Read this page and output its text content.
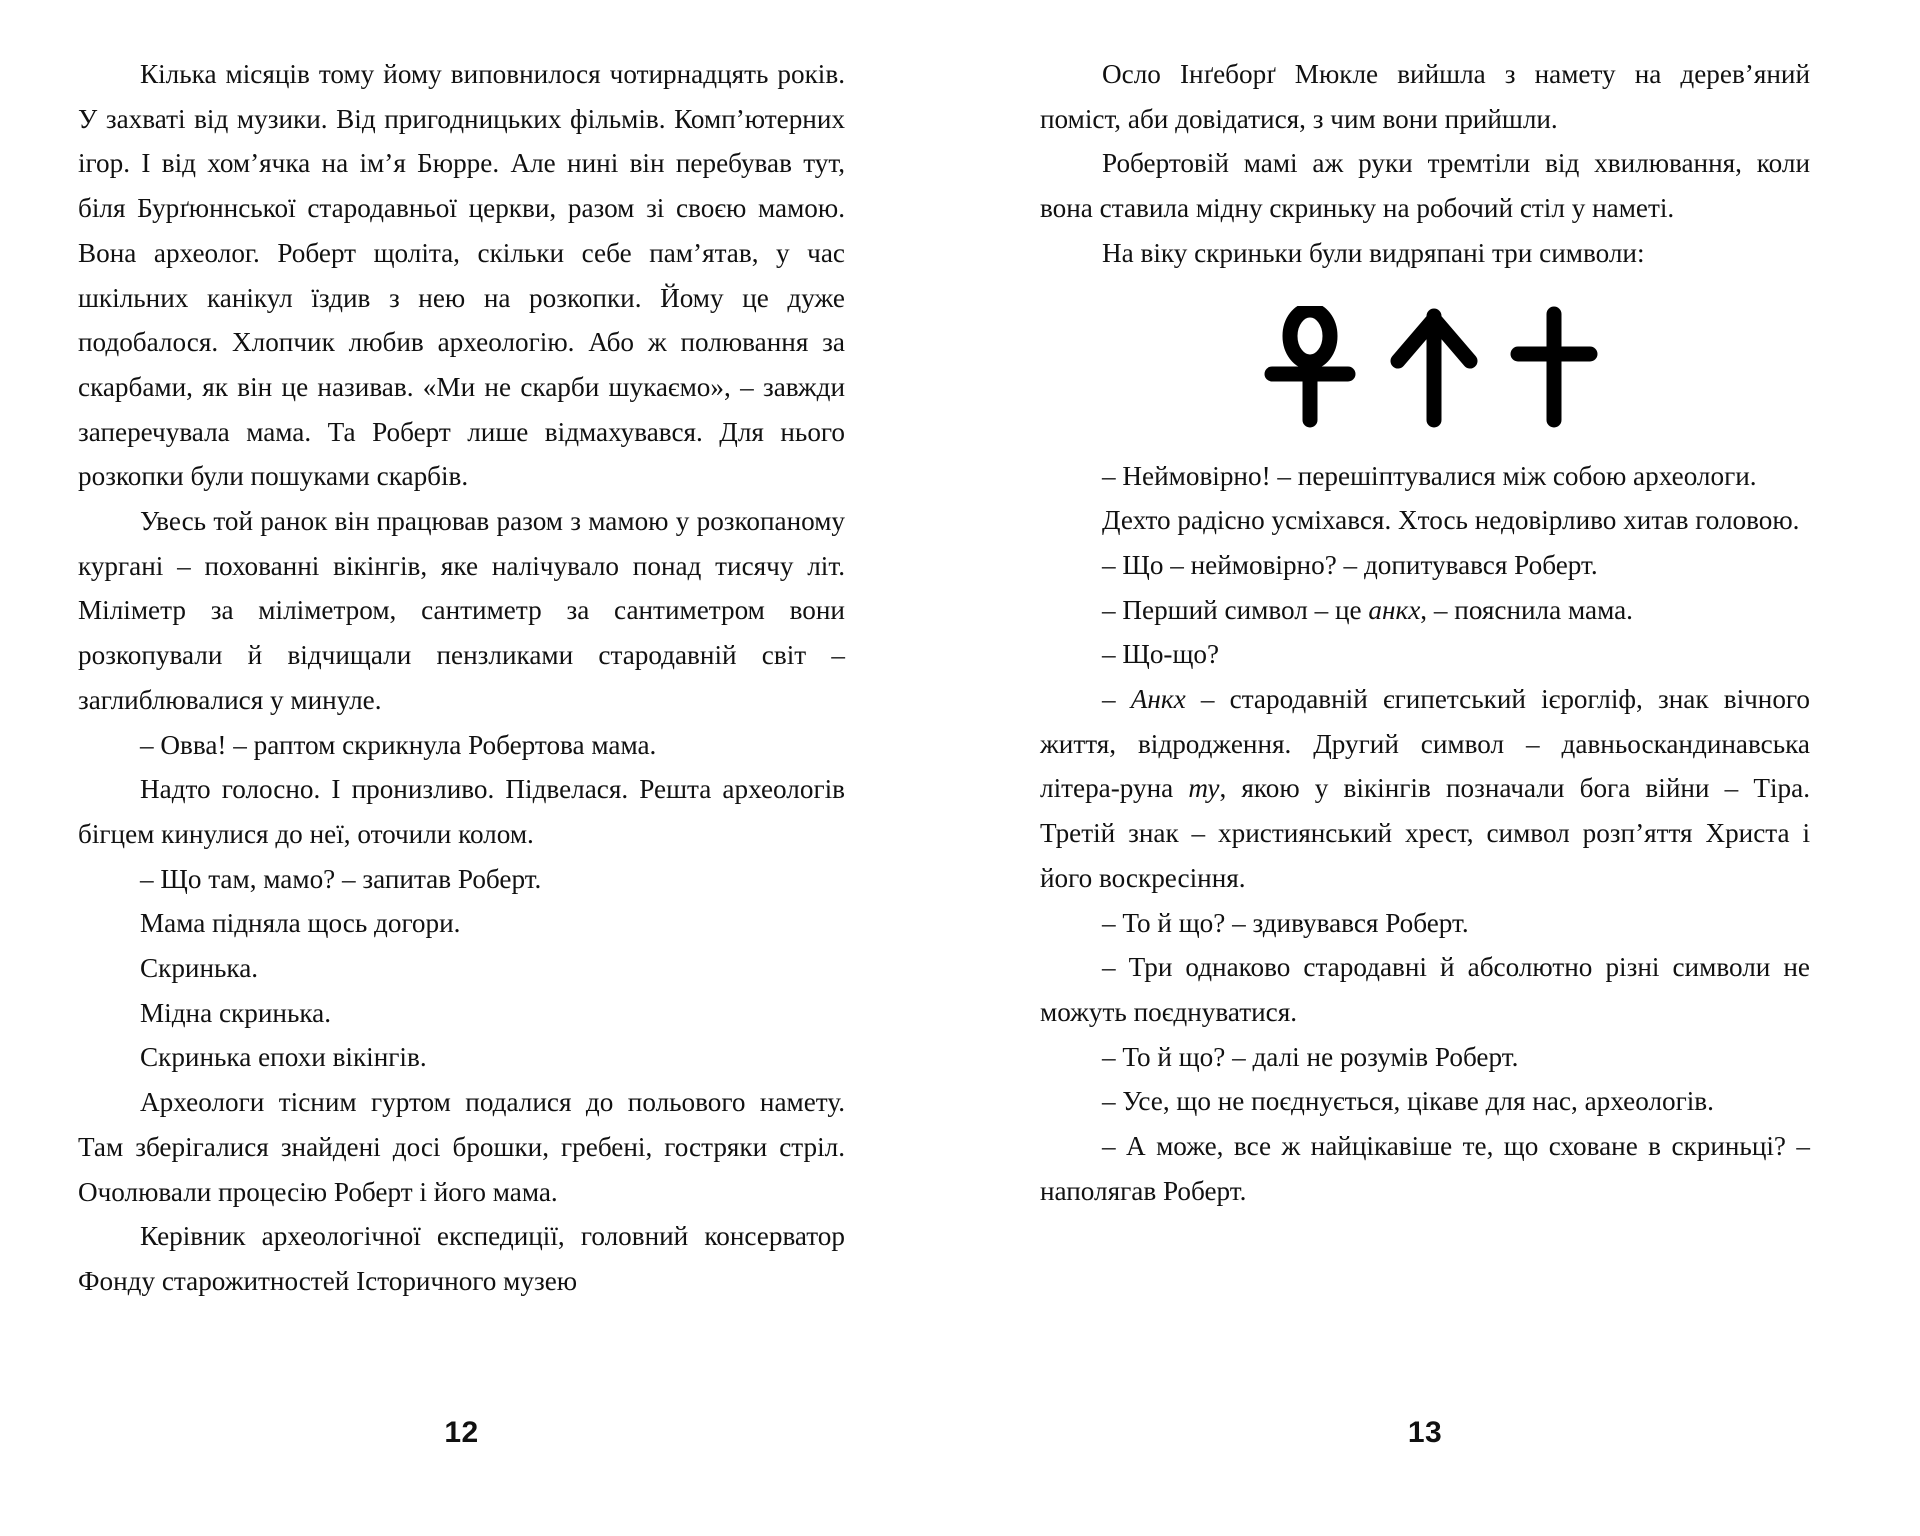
Кілька місяців тому йому виповнилося чотирнадцять років. У захваті від музики. Від пригодницьких фільмів. Комп’ютерних ігор. І від хом’ячка на ім’я Бюрре. Але нині він перебував тут, біля Бурґюннської стародавньої церкви, разом зі своєю мамою. Вона археолог. Роберт щоліта, скільки себе пам’ятав, у час шкільних канікул їздив з нею на розкопки. Йому це дуже подобалося. Хлопчик любив археологію. Або ж полювання за скарбами, як він це називав. «Ми не скарби шукаємо», – завжди заперечувала мама. Та Роберт лише відмахувався. Для нього розкопки були пошуками скарбів.

Увесь той ранок він працював разом з мамою у розкопаному кургані – похованні вікінгів, яке налічувало понад тисячу літ. Міліметр за міліметром, сантиметр за сантиметром вони розкопували й відчищали пензликами стародавній світ – заглиблювалися у минуле.

– Овва! – раптом скрикнула Робертова мама.

Надто голосно. І пронизливо. Підвелася. Решта археологів бігцем кинулися до неї, оточили колом.

– Що там, мамо? – запитав Роберт.

Мама підняла щось догори.

Скринька.

Мідна скринька.

Скринька епохи вікінгів.

Археологи тісним гуртом подалися до польового намету. Там зберігалися знайдені досі брошки, гребені, гостряки стріл. Очолювали процесію Роберт і його мама.

Керівник археологічної експедиції, головний консерватор Фонду старожитностей Історичного музею

12

Осло Інґеборґ Мюкле вийшла з намету на дерев’яний поміст, аби довідатися, з чим вони прийшли.

Робертовій мамі аж руки тремтіли від хвилювання, коли вона ставила мідну скриньку на робочий стіл у наметі.

На віку скриньки були видряпані три символи:

– Неймовірно! – перешіптувалися між собою археологи.

Дехто радісно усміхався. Хтось недовірливо хитав головою.

– Що – неймовірно? – допитувався Роберт.

– Перший символ – це анкх, – пояснила мама.

– Що-що?

– Анкх – стародавній єгипетський ієрогліф, знак вічного життя, відродження. Другий символ – давньоскандинавська літера-руна ту, якою у вікінгів позначали бога війни – Тіра. Третій знак – християнський хрест, символ розп’яття Христа і його воскресіння.

– То й що? – здивувався Роберт.

– Три однаково стародавні й абсолютно різні символи не можуть поєднуватися.

– То й що? – далі не розумів Роберт.

– Усе, що не поєднується, цікаве для нас, археологів.

– А може, все ж найцікавіше те, що сховане в скриньці? – наполягав Роберт.

13
